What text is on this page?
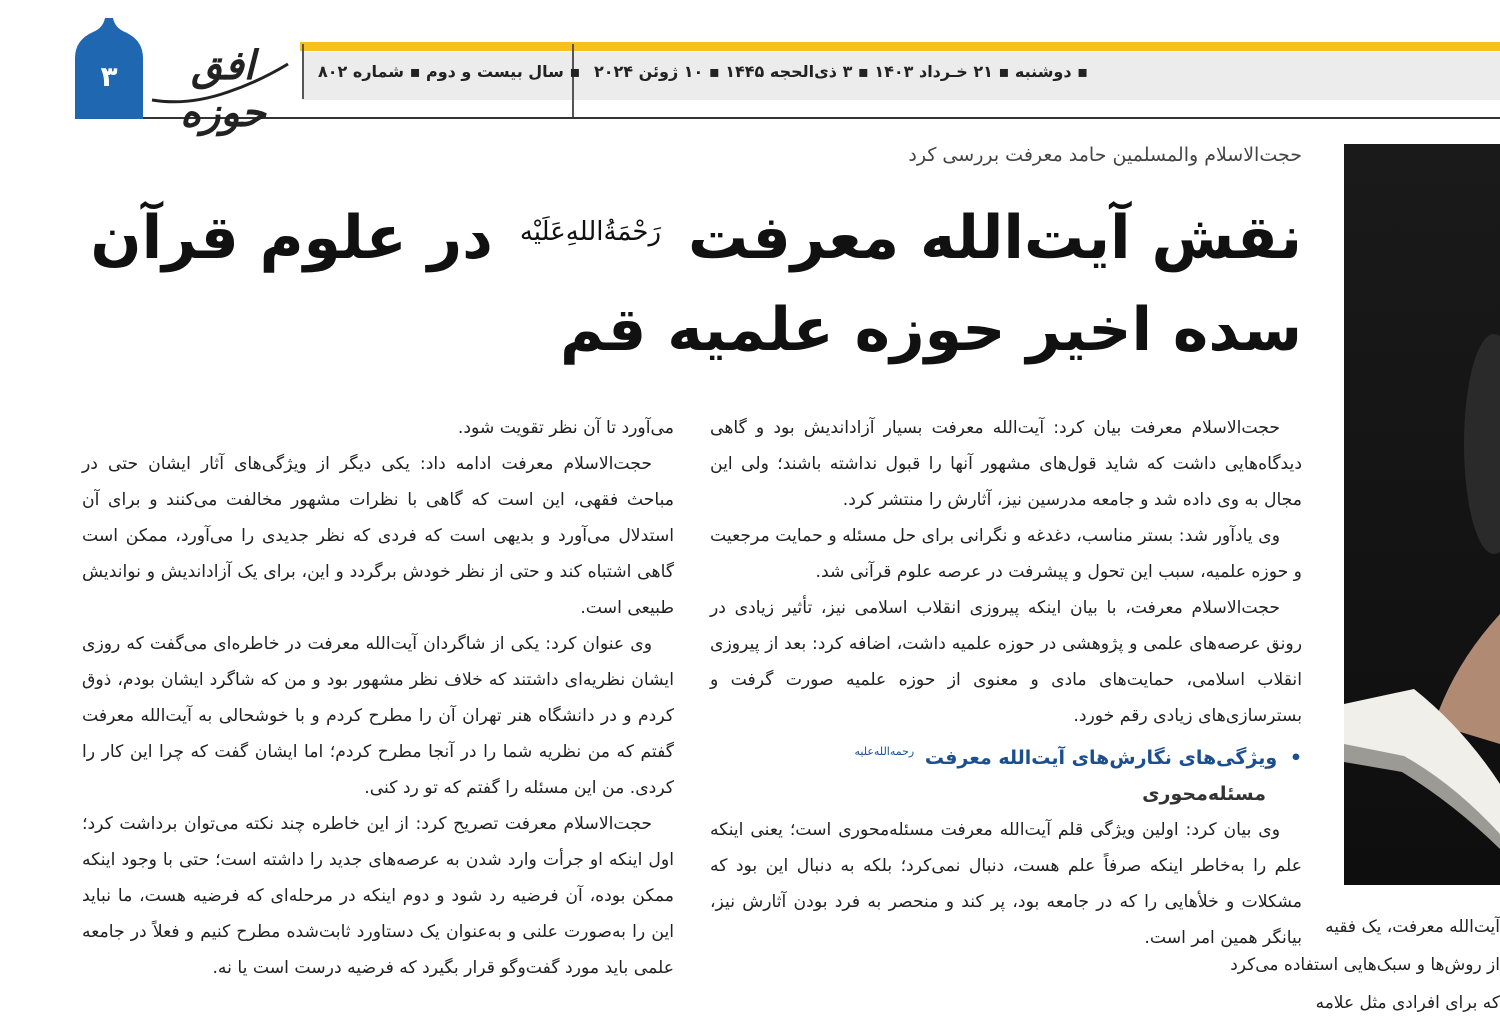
▪ دوشنبه ▪ ۲۱ خـرداد ۱۴۰۳ ▪ ۳ ذی‌الحجه ۱۴۴۵ ▪ ۱۰ ژوئن ۲۰۲۴
▪ سال بیست و دوم ▪ شماره ۸۰۲
۳	افق حوزه
حجت‌الاسلام والمسلمین حامد معرفت بررسی کرد
نقش آیت‌الله معرفت $^{رَحْمَةُ‌اللهِ‌عَلَیْه}$ در علوم قرآن
سده اخیر حوزه علمیه قم

حجت‌الاسلام معرفت بیان کرد: آیت‌الله معرفت بسیار آزاداندیش بود و گاهی دیدگاه‌هایی داشت که شاید قول‌های مشهور آنها را قبول نداشته باشند؛ ولی این مجال به وی داده شد و جامعه مدرسین نیز، آثارش را منتشر کرد.

وی یادآور شد: بستر مناسب، دغدغه و نگرانی برای حل مسئله و حمایت مرجعیت و حوزه علمیه، سبب این تحول و پیشرفت در عرصه علوم قرآنی شد.

حجت‌الاسلام معرفت، با بیان اینکه پیروزی انقلاب اسلامی نیز، تأثیر زیادی در رونق عرصه‌های علمی و پژوهشی در حوزه علمیه داشت، اضافه کرد: بعد از پیروزی انقلاب اسلامی، حمایت‌های مادی و معنوی از حوزه علمیه صورت گرفت و بسترسازی‌های زیادی رقم خورد.

• ویژگی‌های نگارش‌های آیت‌الله معرفت $^{رحمه‌الله‌علیه}$

مسئله‌محوری

وی بیان کرد: اولین ویژگی قلم آیت‌الله معرفت مسئله‌محوری است؛ یعنی اینکه علم را به‌خاطر اینکه صرفاً علم هست، دنبال نمی‌کرد؛ بلکه به دنبال این بود که مشکلات و خلأهایی را که در جامعه بود، پر کند و منحصر به فرد بودن آثارش نیز، بیانگر همین امر است.

می‌آورد تا آن نظر تقویت شود.

حجت‌الاسلام معرفت ادامه داد: یکی دیگر از ویژگی‌های آثار ایشان حتی در مباحث فقهی، این است که گاهی با نظرات مشهور مخالفت می‌کنند و برای آن استدلال می‌آورد و بدیهی است که فردی که نظر جدیدی را می‌آورد، ممکن است گاهی اشتباه کند و حتی از نظر خودش برگردد و این، برای یک آزاداندیش و نواندیش طبیعی است.

وی عنوان کرد: یکی از شاگردان آیت‌الله معرفت در خاطره‌ای می‌گفت که روزی ایشان نظریه‌ای داشتند که خلاف نظر مشهور بود و من که شاگرد ایشان بودم، ذوق کردم و در دانشگاه هنر تهران آن را مطرح کردم و با خوشحالی به آیت‌الله معرفت گفتم که من نظریه شما را در آنجا مطرح کردم؛ اما ایشان گفت که چرا این کار را کردی. من این مسئله را گفتم که تو رد کنی.

حجت‌الاسلام معرفت تصریح کرد: از این خاطره چند نکته می‌توان برداشت کرد؛ اول اینکه او جرأت وارد شدن به عرصه‌های جدید را داشته است؛ حتی با وجود اینکه ممکن بوده، آن فرضیه رد شود و دوم اینکه در مرحله‌ای که فرضیه هست، ما نباید این را به‌صورت علنی و به‌عنوان یک دستاورد ثابت‌شده مطرح کنیم و فعلاً در جامعه علمی باید مورد گفت‌وگو قرار بگیرد که فرضیه درست است یا نه.

آیت‌الله معرفت، یک فقیه
از روش‌ها و سبک‌هایی استفاده می‌کرد
که برای افرادی مثل علامه
